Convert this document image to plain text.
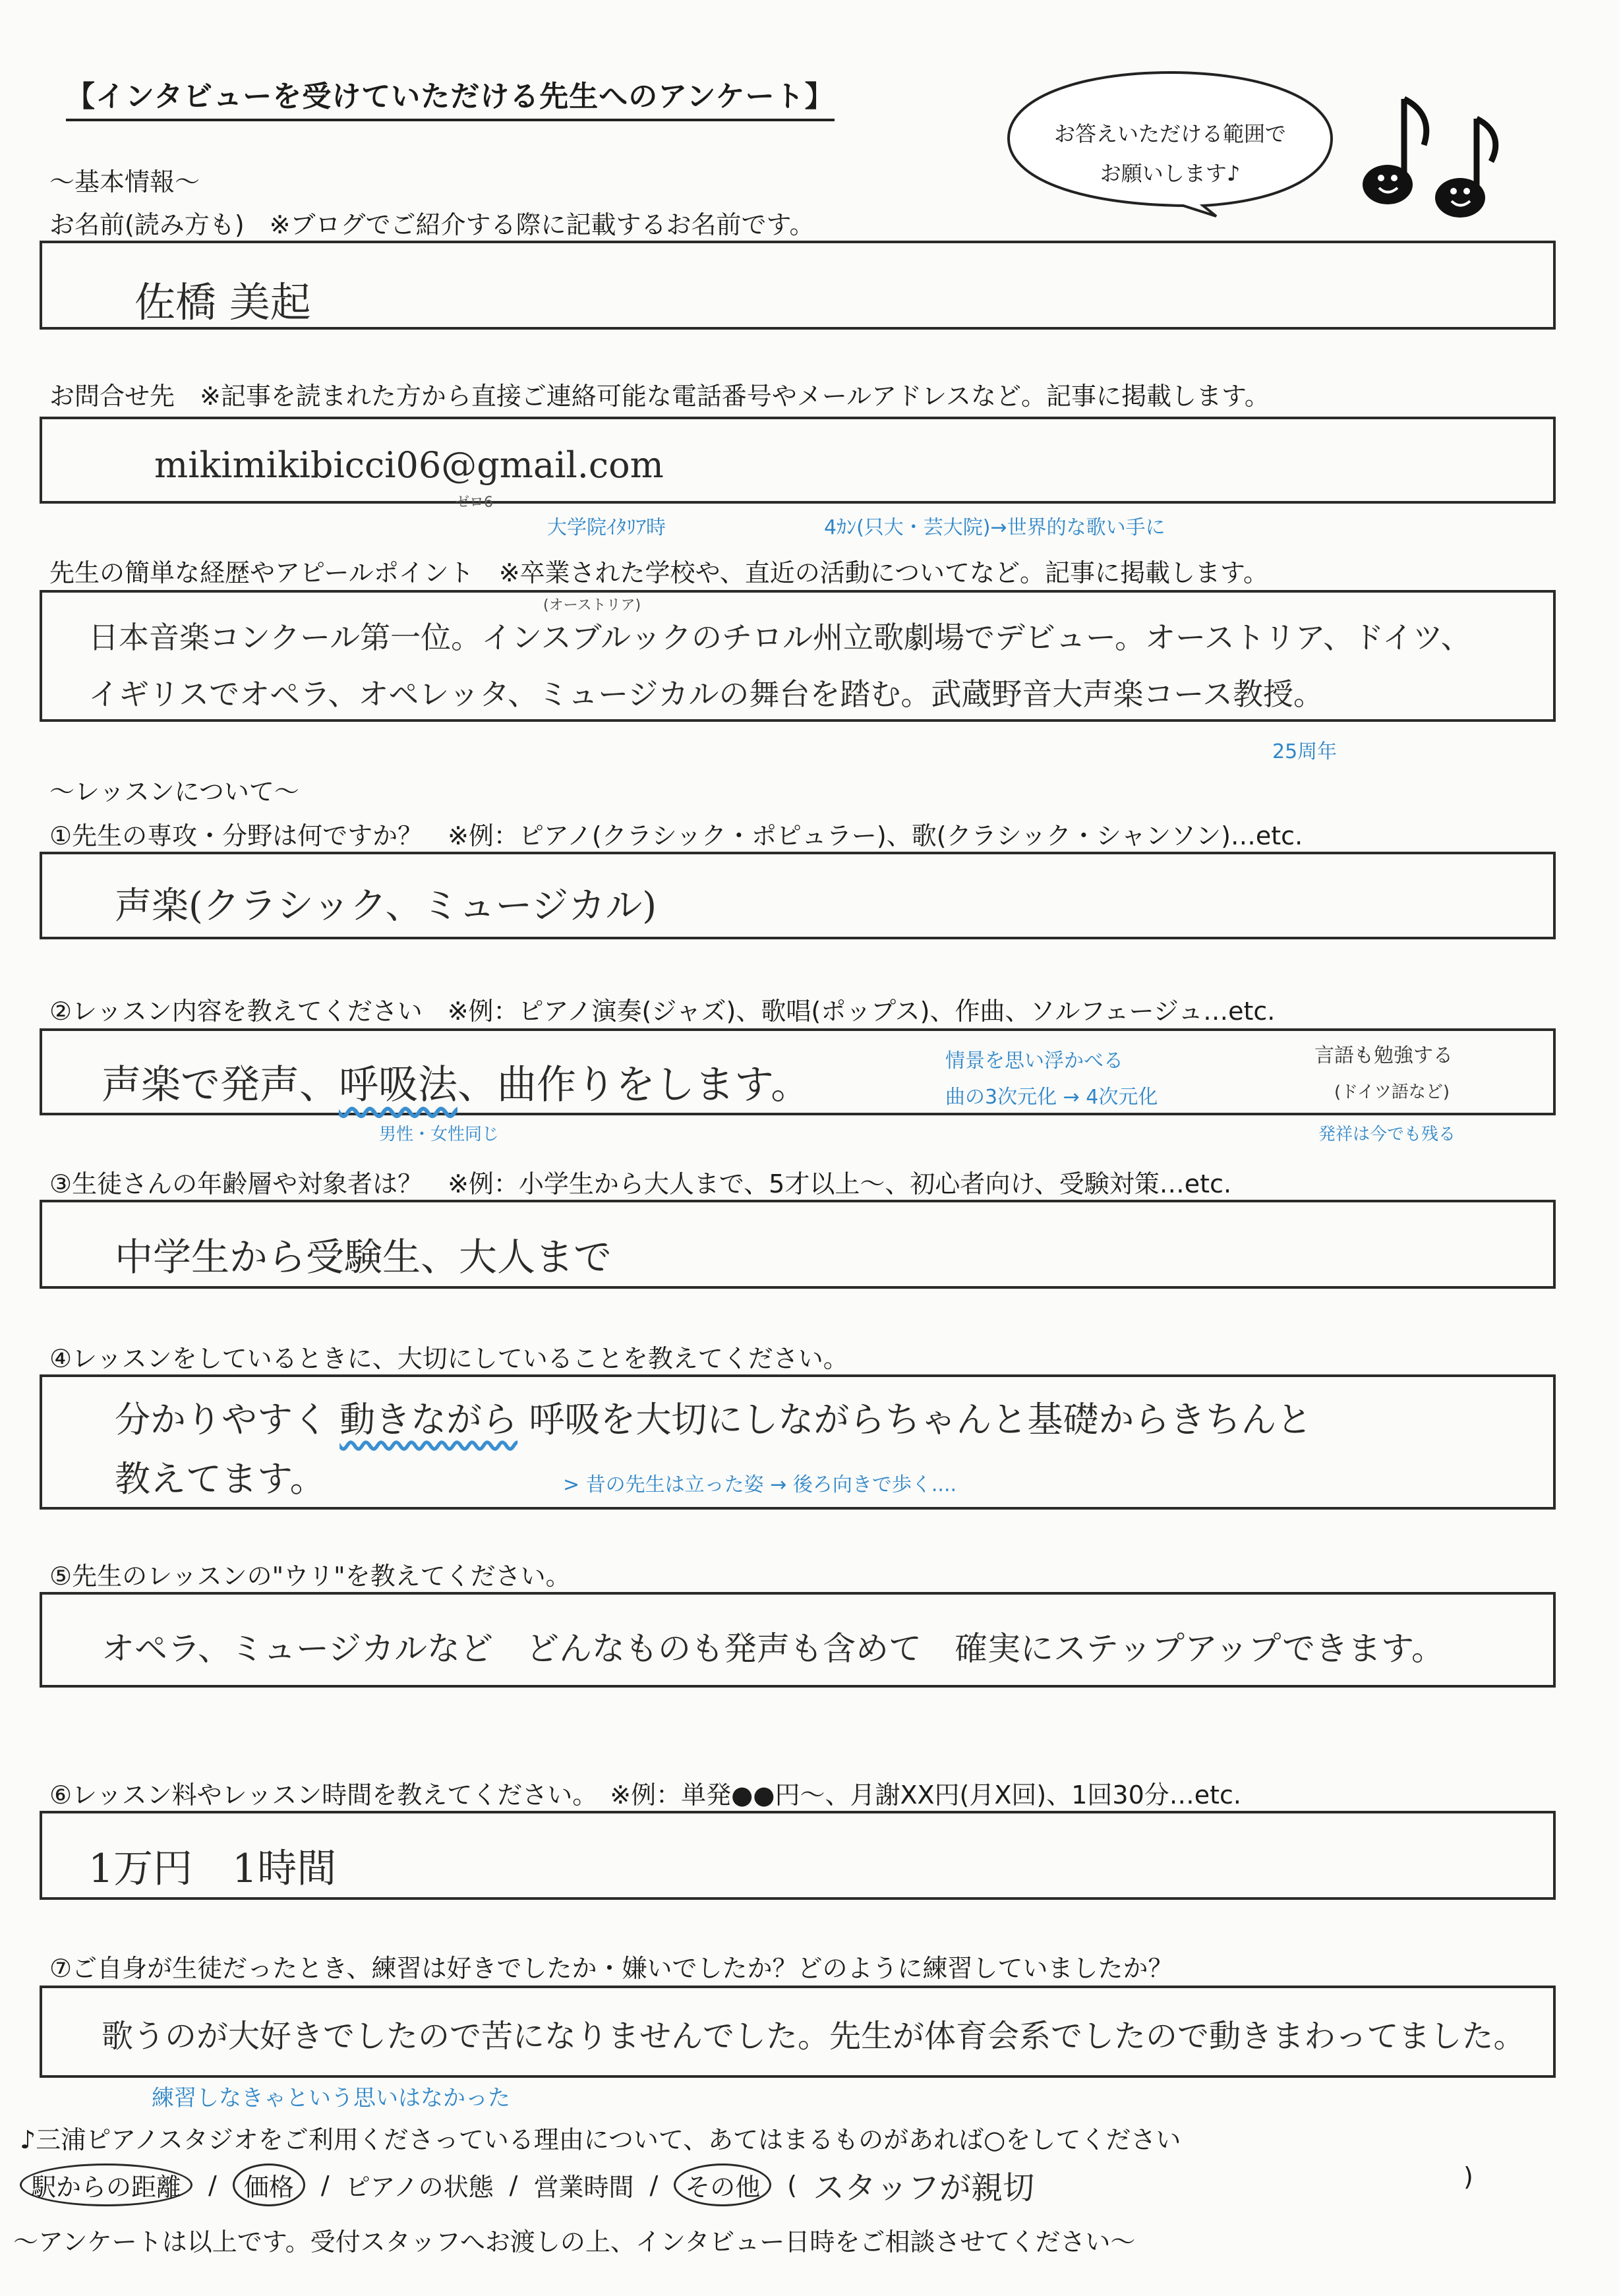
【インタビューを受けていただける先生へのアンケート】
お答えいただける範囲で
お願いします♪
〜基本情報〜
お名前(読み方も)　※ブログでご紹介する際に記載するお名前です。
佐橋 美起
お問合せ先　※記事を読まれた方から直接ご連絡可能な電話番号やメールアドレスなど。記事に掲載します。
mikimikibicci06@gmail.com
ゼロ6
大学院ｲﾀﾘｱ時	4ｶﾝ(只大・芸大院)→世界的な歌い手に
先生の簡単な経歴やアピールポイント　※卒業された学校や、直近の活動についてなど。記事に掲載します。
(オーストリア)
日本音楽コンクール第一位。インスブルックのチロル州立歌劇場でデビュー。オーストリア、ドイツ、
イギリスでオペラ、オペレッタ、ミュージカルの舞台を踏む。武蔵野音大声楽コース教授。
25周年
〜レッスンについて〜
①先生の専攻・分野は何ですか？　※例：ピアノ(クラシック・ポピュラー)、歌(クラシック・シャンソン)…etc.
声楽(クラシック、ミュージカル)
②レッスン内容を教えてください　※例：ピアノ演奏(ジャズ)、歌唱(ポップス)、作曲、ソルフェージュ…etc.
声楽で発声、呼吸法、曲作りをします。
情景を思い浮かべる
曲の3次元化 → 4次元化
言語も勉強する
(ドイツ語など)
男性・女性同じ	発祥は今でも残る
③生徒さんの年齢層や対象者は？　※例：小学生から大人まで、5才以上〜、初心者向け、受験対策…etc.
中学生から受験生、大人まで
④レッスンをしているときに、大切にしていることを教えてください。
分かりやすく 動きながら 呼吸を大切にしながらちゃんと基礎からきちんと
教えてます。	> 昔の先生は立った姿 → 後ろ向きで歩く....
⑤先生のレッスンの"ウリ"を教えてください。
オペラ、ミュージカルなど　どんなものも発声も含めて　確実にステップアップできます。
⑥レッスン料やレッスン時間を教えてください。　※例：単発●●円〜、月謝XX円(月X回)、1回30分…etc.
1万円　1時間
⑦ご自身が生徒だったとき、練習は好きでしたか・嫌いでしたか？どのように練習していましたか？
歌うのが大好きでしたので苦になりませんでした。先生が体育会系でしたので動きまわってました。
練習しなきゃという思いはなかった
♪三浦ピアノスタジオをご利用くださっている理由について、あてはまるものがあれば○をしてください
駅からの距離	/	価格	/ ピアノの状態 / 営業時間 /	その他	( スタッフが親切	)
〜アンケートは以上です。受付スタッフへお渡しの上、インタビュー日時をご相談させてください〜
